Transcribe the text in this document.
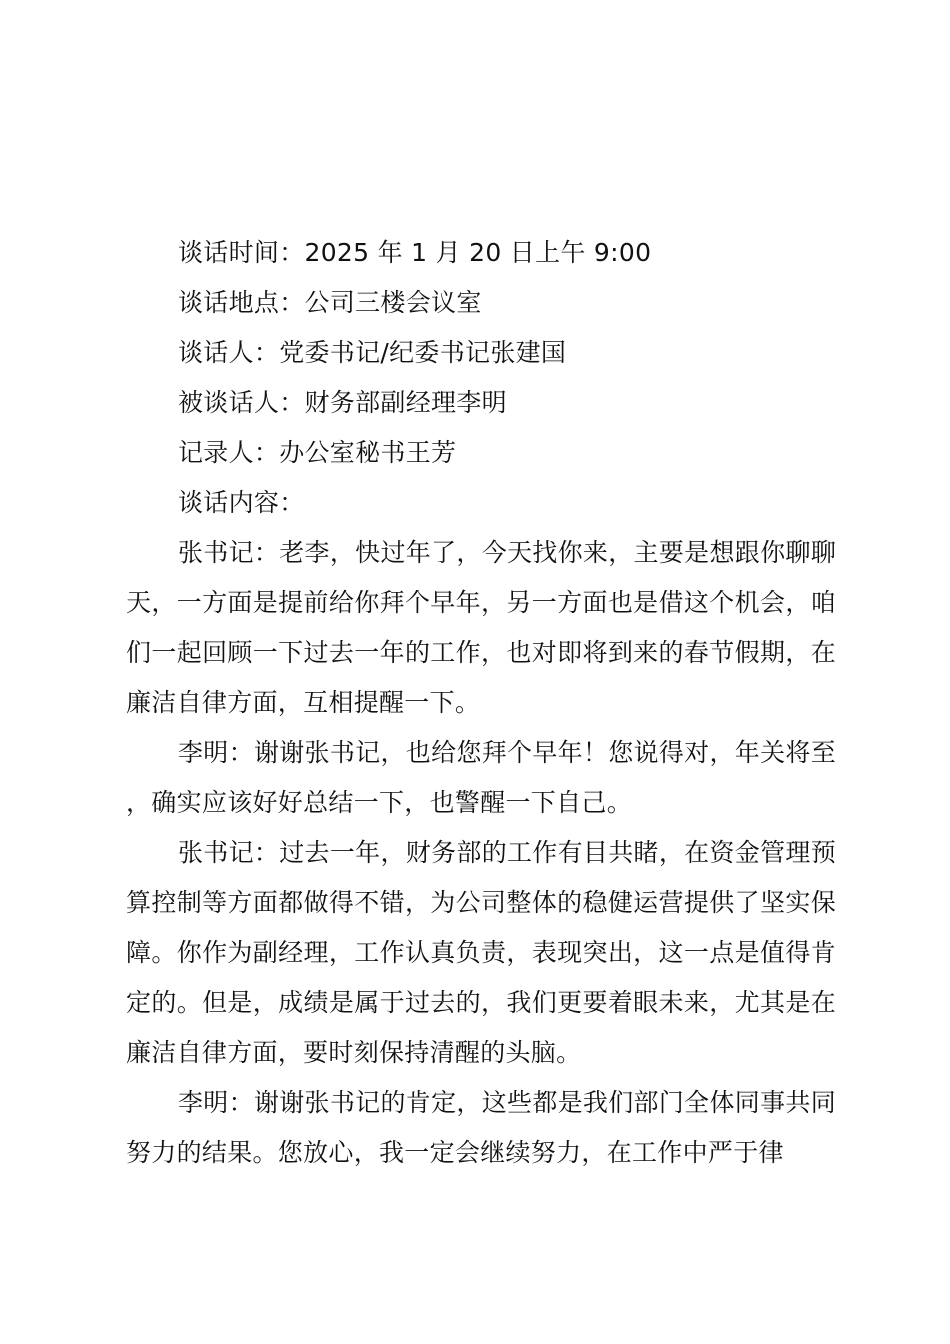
谈话时间：2025 年 1 月 20 日上午 9:00
谈话地点：公司三楼会议室
谈话人：党委书记/纪委书记张建国
被谈话人：财务部副经理李明
记录人：办公室秘书王芳
谈话内容：

张书记：老李，快过年了，今天找你来，主要是想跟你聊聊天，一方面是提前给你拜个早年，另一方面也是借这个机会，咱们一起回顾一下过去一年的工作，也对即将到来的春节假期，在廉洁自律方面，互相提醒一下。

李明：谢谢张书记，也给您拜个早年！您说得对，年关将至，确实应该好好总结一下，也警醒一下自己。

张书记：过去一年，财务部的工作有目共睹，在资金管理预算控制等方面都做得不错，为公司整体的稳健运营提供了坚实保障。你作为副经理，工作认真负责，表现突出，这一点是值得肯定的。但是，成绩是属于过去的，我们更要着眼未来，尤其是在廉洁自律方面，要时刻保持清醒的头脑。

李明：谢谢张书记的肯定，这些都是我们部门全体同事共同努力的结果。您放心，我一定会继续努力，在工作中严于律
